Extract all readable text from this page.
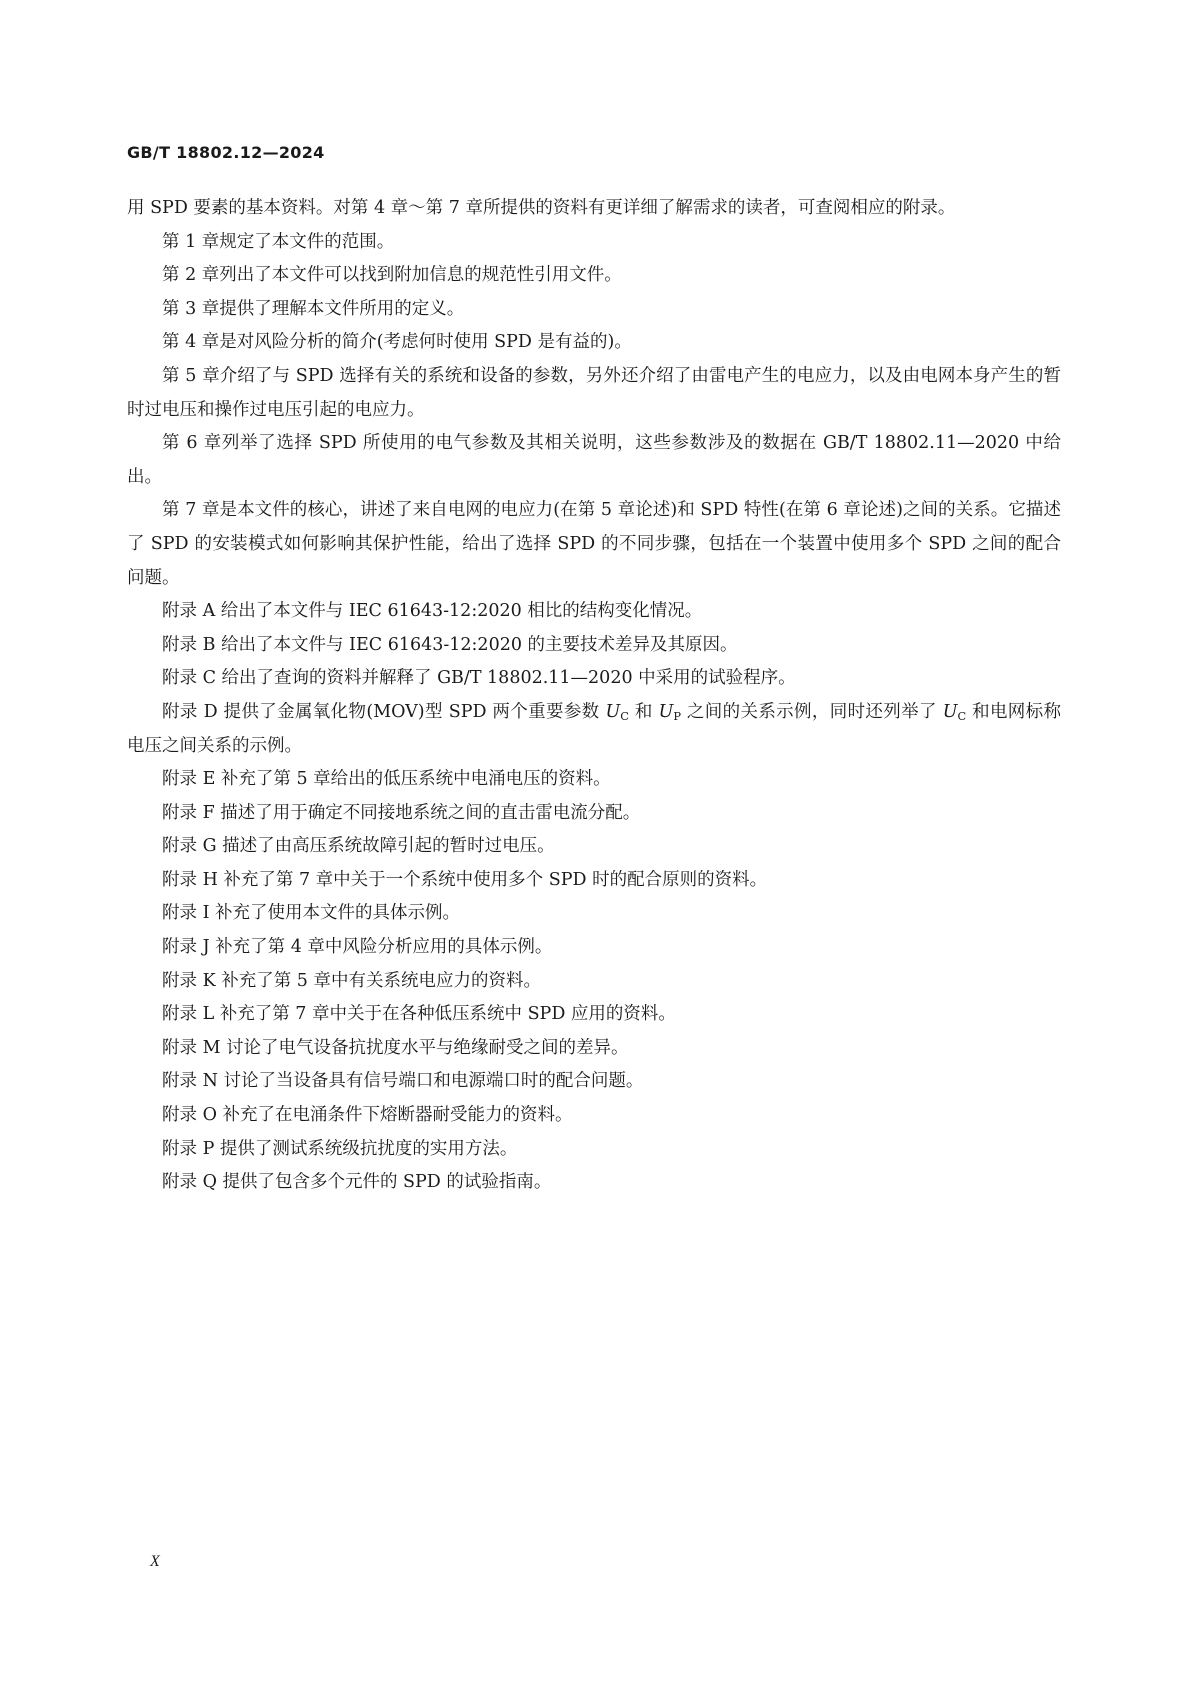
GB/T 18802.12—2024

用 SPD 要素的基本资料。对第 4 章～第 7 章所提供的资料有更详细了解需求的读者，可查阅相应的附录。

第 1 章规定了本文件的范围。

第 2 章列出了本文件可以找到附加信息的规范性引用文件。

第 3 章提供了理解本文件所用的定义。

第 4 章是对风险分析的简介(考虑何时使用 SPD 是有益的)。

第 5 章介绍了与 SPD 选择有关的系统和设备的参数，另外还介绍了由雷电产生的电应力，以及由电网本身产生的暂时过电压和操作过电压引起的电应力。

第 6 章列举了选择 SPD 所使用的电气参数及其相关说明，这些参数涉及的数据在 GB/T 18802.11—2020 中给出。

第 7 章是本文件的核心，讲述了来自电网的电应力(在第 5 章论述)和 SPD 特性(在第 6 章论述)之间的关系。它描述了 SPD 的安装模式如何影响其保护性能，给出了选择 SPD 的不同步骤，包括在一个装置中使用多个 SPD 之间的配合问题。

附录 A 给出了本文件与 IEC 61643-12:2020 相比的结构变化情况。

附录 B 给出了本文件与 IEC 61643-12:2020 的主要技术差异及其原因。

附录 C 给出了查询的资料并解释了 GB/T 18802.11—2020 中采用的试验程序。

附录 D 提供了金属氧化物(MOV)型 SPD 两个重要参数 $U_C$ 和 $U_P$ 之间的关系示例，同时还列举了 $U_C$ 和电网标称电压之间关系的示例。

附录 E 补充了第 5 章给出的低压系统中电涌电压的资料。

附录 F 描述了用于确定不同接地系统之间的直击雷电流分配。

附录 G 描述了由高压系统故障引起的暂时过电压。

附录 H 补充了第 7 章中关于一个系统中使用多个 SPD 时的配合原则的资料。

附录 I 补充了使用本文件的具体示例。

附录 J 补充了第 4 章中风险分析应用的具体示例。

附录 K 补充了第 5 章中有关系统电应力的资料。

附录 L 补充了第 7 章中关于在各种低压系统中 SPD 应用的资料。

附录 M 讨论了电气设备抗扰度水平与绝缘耐受之间的差异。

附录 N 讨论了当设备具有信号端口和电源端口时的配合问题。

附录 O 补充了在电涌条件下熔断器耐受能力的资料。

附录 P 提供了测试系统级抗扰度的实用方法。

附录 Q 提供了包含多个元件的 SPD 的试验指南。

X
